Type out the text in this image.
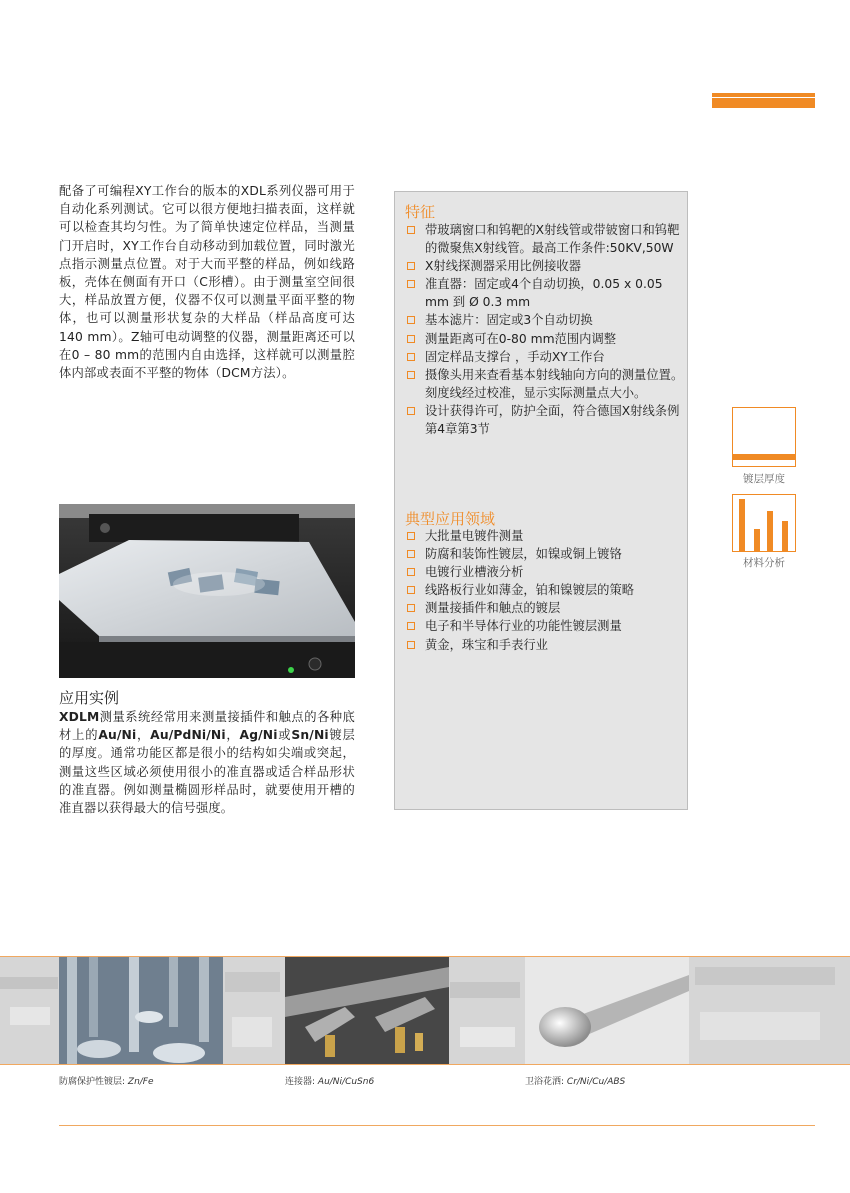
配备了可编程XY工作台的版本的XDL系列仪器可用于自动化系列测试。它可以很方便地扫描表面，这样就可以检查其均匀性。为了简单快速定位样品，当测量门开启时，XY工作台自动移动到加载位置，同时激光点指示测量点位置。对于大而平整的样品，例如线路板，壳体在侧面有开口（C形槽）。由于测量室空间很大，样品放置方便，仪器不仅可以测量平面平整的物体，也可以测量形状复杂的大样品（样品高度可达140 mm）。Z轴可电动调整的仪器，测量距离还可以在0 – 80 mm的范围内自由选择，这样就可以测量腔体内部或表面不平整的物体（DCM方法）。

特征
带玻璃窗口和钨靶的X射线管或带铍窗口和钨靶的微聚焦X射线管。最高工作条件:50KV,50W
X射线探测器采用比例接收器
准直器：固定或4个自动切换，0.05 x 0.05 mm 到 Ø 0.3 mm
基本滤片：固定或3个自动切换
测量距离可在0-80 mm范围内调整
固定样品支撑台 ，手动XY工作台
摄像头用来查看基本射线轴向方向的测量位置。刻度线经过校准，显示实际测量点大小。
设计获得许可，防护全面，符合德国X射线条例第4章第3节
典型应用领域
大批量电镀件测量
防腐和装饰性镀层，如镍或铜上镀铬
电镀行业槽液分析
线路板行业如薄金，铂和镍镀层的策略
测量接插件和触点的镀层
电子和半导体行业的功能性镀层测量
黄金，珠宝和手表行业
镀层厚度
材料分析
应用实例

XDLM测量系统经常用来测量接插件和触点的各种底材上的Au/Ni，Au/PdNi/Ni，Ag/Ni或Sn/Ni镀层的厚度。通常功能区都是很小的结构如尖端或突起，测量这些区域必须使用很小的准直器或适合样品形状的准直器。例如测量椭圆形样品时，就要使用开槽的准直器以获得最大的信号强度。

防腐保护性镀层: Zn/Fe	连接器: Au/Ni/CuSn6	卫浴花洒: Cr/Ni/Cu/ABS
